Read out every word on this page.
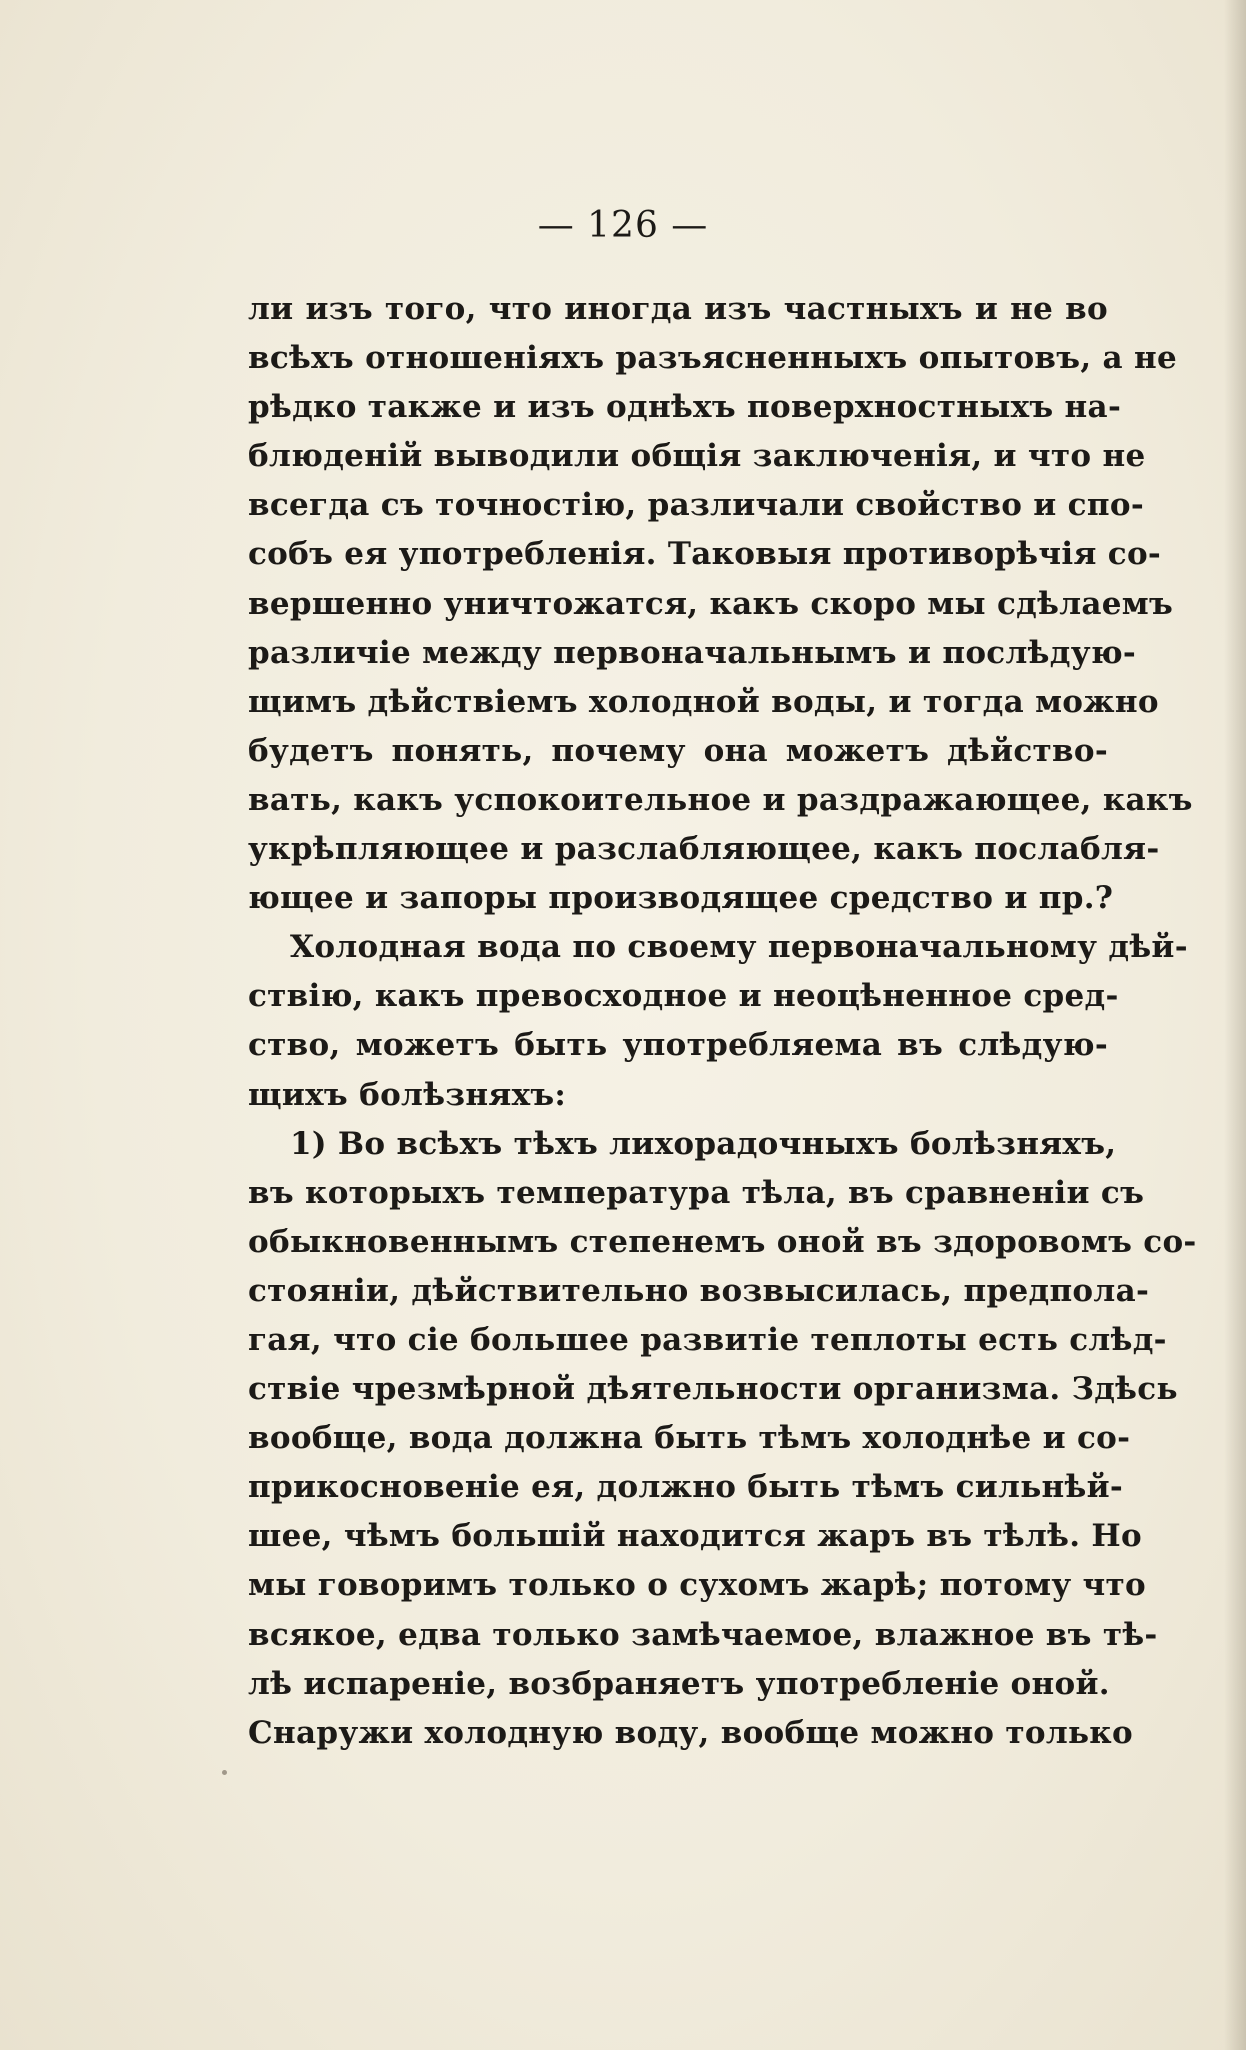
— 126 —
ли изъ того, что иногда изъ частныхъ и не во
всѣхъ отношеніяхъ разъясненныхъ опытовъ, а не
рѣдко также и изъ однѣхъ поверхностныхъ на-
блюденій выводили общія заключенія, и что не
всегда съ точностію, различали свойство и спо-
собъ ея употребленія. Таковыя противорѣчія со-
вершенно уничтожатся, какъ скоро мы сдѣлаемъ
различіе между первоначальнымъ и послѣдую-
щимъ дѣйствіемъ холодной воды, и тогда можно
будетъ понять, почему она можетъ дѣйство-
вать, какъ успокоительное и раздражающее, какъ
укрѣпляющее и разслабляющее, какъ послабля-
ющее и запоры производящее средство и пр.?
Холодная вода по своему первоначальному дѣй-
ствію, какъ превосходное и неоцѣненное сред-
ство, можетъ быть употребляема въ слѣдую-
щихъ болѣзняхъ:
1) Во всѣхъ тѣхъ лихорадочныхъ болѣзняхъ,
въ которыхъ температура тѣла, въ сравненіи съ
обыкновеннымъ степенемъ оной въ здоровомъ со-
стояніи, дѣйствительно возвысилась, предпола-
гая, что сіе большее развитіе теплоты есть слѣд-
ствіе чрезмѣрной дѣятельности организма. Здѣсь
вообще, вода должна быть тѣмъ холоднѣе и со-
прикосновеніе ея, должно быть тѣмъ сильнѣй-
шее, чѣмъ большій находится жаръ въ тѣлѣ. Но
мы говоримъ только о сухомъ жарѣ; потому что
всякое, едва только замѣчаемое, влажное въ тѣ-
лѣ испареніе, возбраняетъ употребленіе оной.
Снаружи холодную воду, вообще можно только
